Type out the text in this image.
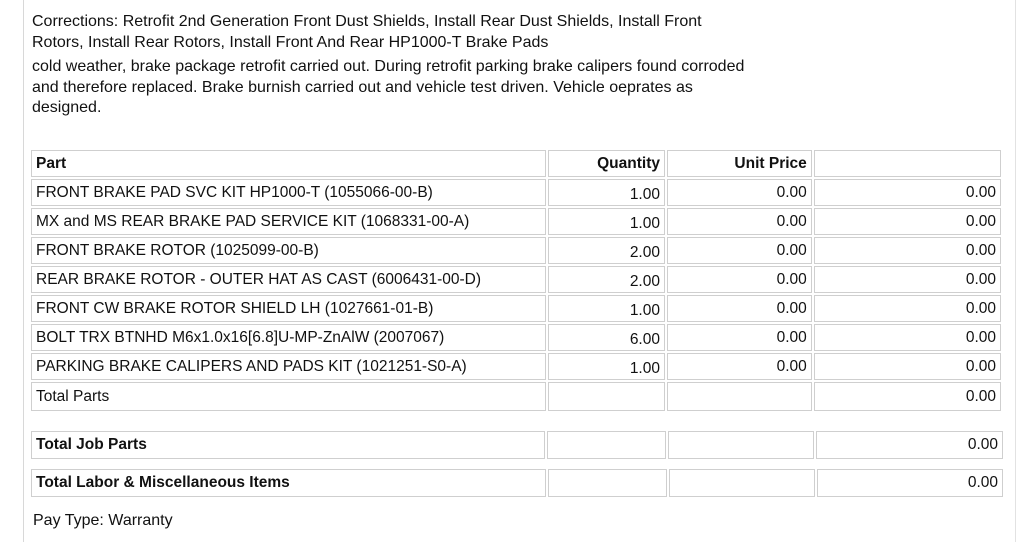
Corrections: Retrofit 2nd Generation Front Dust Shields, Install Rear Dust Shields, Install Front Rotors, Install Rear Rotors, Install Front And Rear HP1000-T Brake Pads

cold weather, brake package retrofit carried out. During retrofit parking brake calipers found corroded and therefore replaced. Brake burnish carried out and vehicle test driven. Vehicle oeprates as designed.

Part	Quantity	Unit Price	
FRONT BRAKE PAD SVC KIT HP1000-T (1055066-00-B)	1.00	0.00	0.00
MX and MS REAR BRAKE PAD SERVICE KIT (1068331-00-A)	1.00	0.00	0.00
FRONT BRAKE ROTOR (1025099-00-B)	2.00	0.00	0.00
REAR BRAKE ROTOR - OUTER HAT AS CAST (6006431-00-D)	2.00	0.00	0.00
FRONT CW BRAKE ROTOR SHIELD LH (1027661-01-B)	1.00	0.00	0.00
BOLT TRX BTNHD M6x1.0x16[6.8]U-MP-ZnAlW (2007067)	6.00	0.00	0.00
PARKING BRAKE CALIPERS AND PADS KIT (1021251-S0-A)	1.00	0.00	0.00
Total Parts			0.00
Total Job Parts			0.00
Total Labor & Miscellaneous Items			0.00
Pay Type: Warranty
